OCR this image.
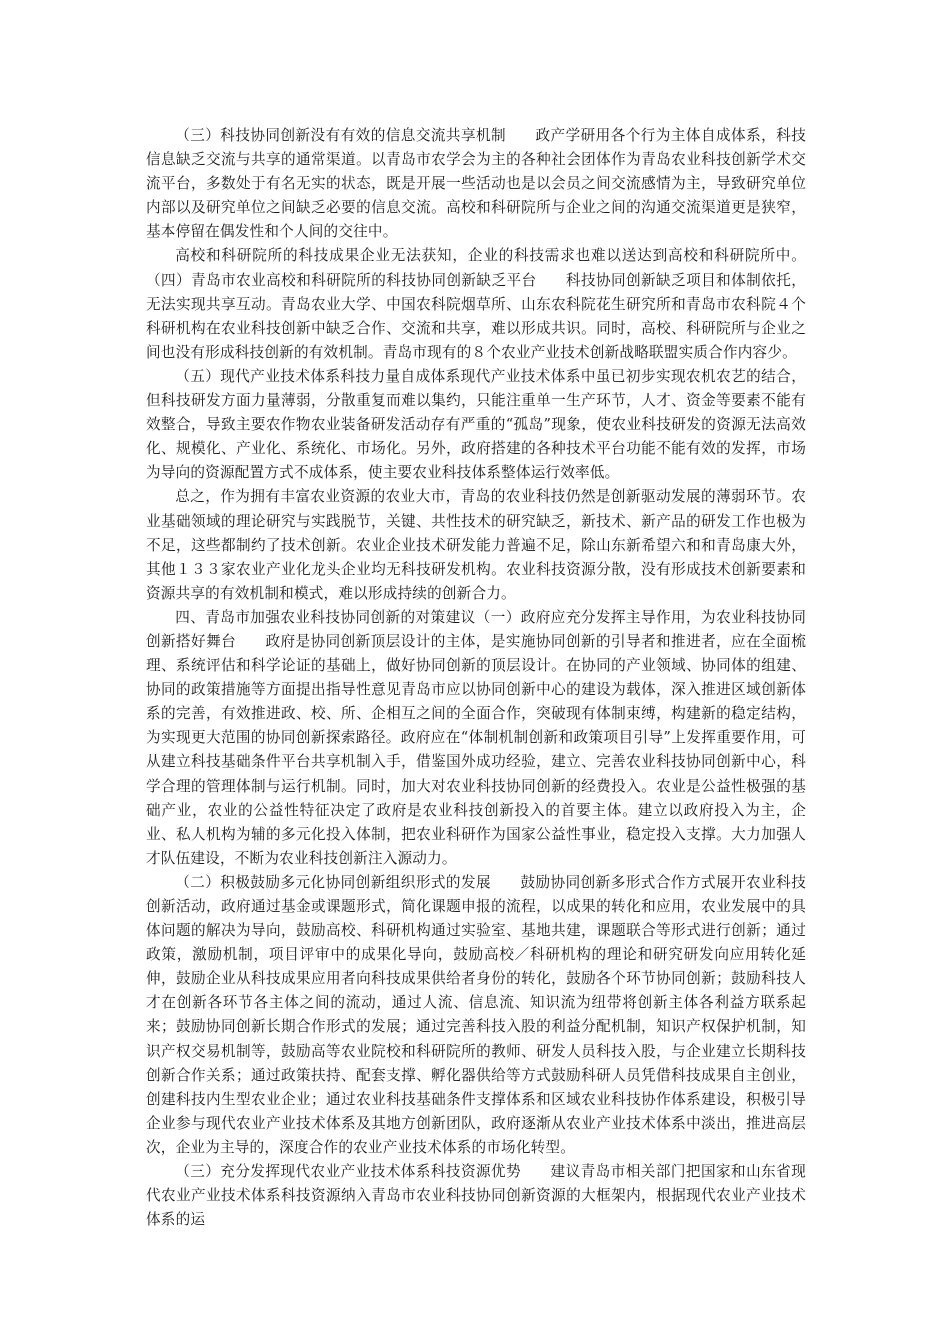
（三）科技协同创新没有有效的信息交流共享机制 政产学研用各个行为主体自成体系，科技信息缺乏交流与共享的通常渠道。以青岛市农学会为主的各种社会团体作为青岛农业科技创新学术交流平台，多数处于有名无实的状态，既是开展一些活动也是以会员之间交流感情为主，导致研究单位内部以及研究单位之间缺乏必要的信息交流。高校和科研院所与企业之间的沟通交流渠道更是狭窄，基本停留在偶发性和个人间的交往中。

高校和科研院所的科技成果企业无法获知，企业的科技需求也难以送达到高校和科研院所中。（四）青岛市农业高校和科研院所的科技协同创新缺乏平台 科技协同创新缺乏项目和体制依托，无法实现共享互动。青岛农业大学、中国农科院烟草所、山东农科院花生研究所和青岛市农科院４个科研机构在农业科技创新中缺乏合作、交流和共享，难以形成共识。同时，高校、科研院所与企业之间也没有形成科技创新的有效机制。青岛市现有的８个农业产业技术创新战略联盟实质合作内容少。

（五）现代产业技术体系科技力量自成体系现代产业技术体系中虽已初步实现农机农艺的结合，但科技研发方面力量薄弱，分散重复而难以集约，只能注重单一生产环节，人才、资金等要素不能有效整合，导致主要农作物农业装备研发活动存有严重的“孤岛”现象，使农业科技研发的资源无法高效化、规模化、产业化、系统化、市场化。另外，政府搭建的各种技术平台功能不能有效的发挥，市场为导向的资源配置方式不成体系，使主要农业科技体系整体运行效率低。

总之，作为拥有丰富农业资源的农业大市，青岛的农业科技仍然是创新驱动发展的薄弱环节。农业基础领域的理论研究与实践脱节，关键、共性技术的研究缺乏，新技术、新产品的研发工作也极为不足，这些都制约了技术创新。农业企业技术研发能力普遍不足，除山东新希望六和和青岛康大外，其他１３３家农业产业化龙头企业均无科技研发机构。农业科技资源分散，没有形成技术创新要素和资源共享的有效机制和模式，难以形成持续的创新合力。

四、青岛市加强农业科技协同创新的对策建议（一）政府应充分发挥主导作用，为农业科技协同创新搭好舞台 政府是协同创新顶层设计的主体，是实施协同创新的引导者和推进者，应在全面梳理、系统评估和科学论证的基础上，做好协同创新的顶层设计。在协同的产业领域、协同体的组建、协同的政策措施等方面提出指导性意见青岛市应以协同创新中心的建设为载体，深入推进区域创新体系的完善，有效推进政、校、所、企相互之间的全面合作，突破现有体制束缚，构建新的稳定结构，为实现更大范围的协同创新探索路径。政府应在“体制机制创新和政策项目引导”上发挥重要作用，可从建立科技基础条件平台共享机制入手，借鉴国外成功经验，建立、完善农业科技协同创新中心，科学合理的管理体制与运行机制。同时，加大对农业科技协同创新的经费投入。农业是公益性极强的基础产业，农业的公益性特征决定了政府是农业科技创新投入的首要主体。建立以政府投入为主，企业、私人机构为辅的多元化投入体制，把农业科研作为国家公益性事业，稳定投入支撑。大力加强人才队伍建设，不断为农业科技创新注入源动力。

（二）积极鼓励多元化协同创新组织形式的发展 鼓励协同创新多形式合作方式展开农业科技创新活动，政府通过基金或课题形式，简化课题申报的流程，以成果的转化和应用，农业发展中的具体问题的解决为导向，鼓励高校、科研机构通过实验室、基地共建，课题联合等形式进行创新；通过政策，激励机制，项目评审中的成果化导向，鼓励高校／科研机构的理论和研究研发向应用转化延伸，鼓励企业从科技成果应用者向科技成果供给者身份的转化，鼓励各个环节协同创新；鼓励科技人才在创新各环节各主体之间的流动，通过人流、信息流、知识流为纽带将创新主体各利益方联系起来；鼓励协同创新长期合作形式的发展；通过完善科技入股的利益分配机制，知识产权保护机制，知识产权交易机制等，鼓励高等农业院校和科研院所的教师、研发人员科技入股，与企业建立长期科技创新合作关系；通过政策扶持、配套支撑、孵化器供给等方式鼓励科研人员凭借科技成果自主创业，创建科技内生型农业企业；通过农业科技基础条件支撑体系和区域农业科技协作体系建设，积极引导企业参与现代农业产业技术体系及其地方创新团队，政府逐渐从农业产业技术体系中淡出，推进高层次，企业为主导的，深度合作的农业产业技术体系的市场化转型。

（三）充分发挥现代农业产业技术体系科技资源优势 建议青岛市相关部门把国家和山东省现代农业产业技术体系科技资源纳入青岛市农业科技协同创新资源的大框架内，根据现代农业产业技术体系的运
